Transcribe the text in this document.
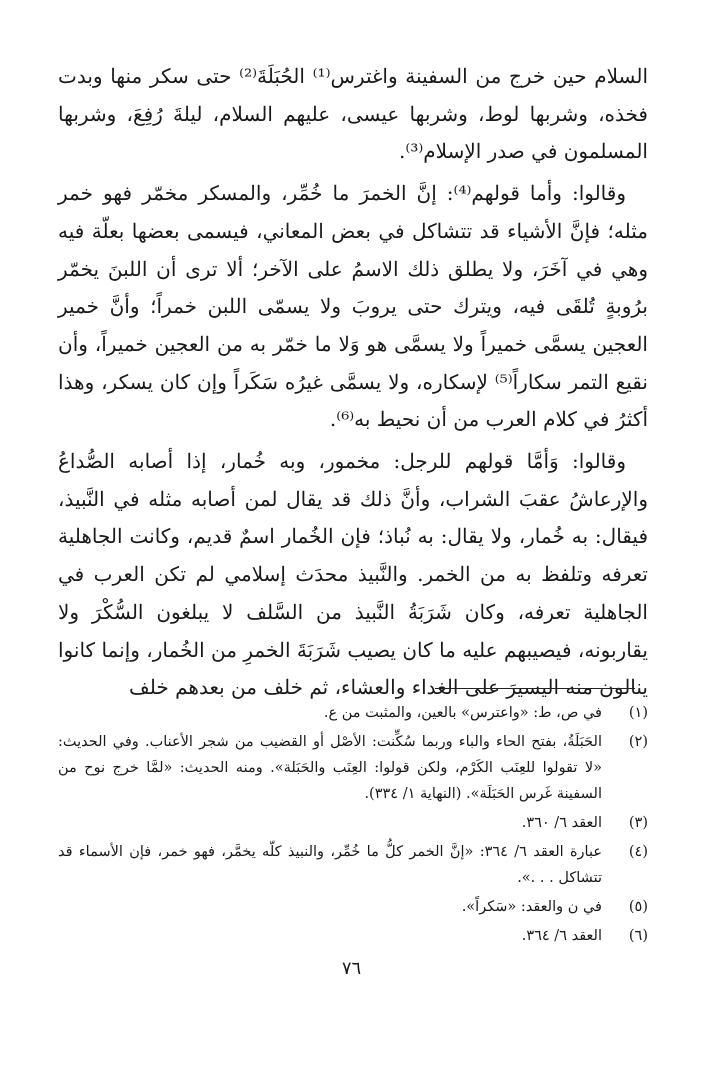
السلام حين خرج من السفينة واغترس⁽¹⁾ الحُبَلَةَ⁽²⁾ حتى سكر منها وبدت فخذه، وشربها لوط، وشربها عيسى، عليهم السلام، ليلةَ رُفِعَ، وشربها المسلمون في صدر الإسلام⁽³⁾.

وقالوا: وأما قولهم⁽⁴⁾: إنَّ الخمرَ ما خُمِّر، والمسكر مخمّر فهو خمر مثله؛ فإنَّ الأشياء قد تتشاكل في بعض المعاني، فيسمى بعضها بعلّة فيه وهي في آخَرَ، ولا يطلق ذلك الاسمُ على الآخر؛ ألا ترى أن اللبنَ يخمّر برُوبةٍ تُلقَى فيه، ويترك حتى يروبَ ولا يسمّى اللبن خمراً؛ وأنَّ خمير العجين يسمَّى خميراً ولا يسمَّى هو وَلا ما خمّر به من العجين خميراً، وأن نقيع التمر سكاراً⁽⁵⁾ لإسكاره، ولا يسمَّى غيرُه سَكَراً وإن كان يسكر، وهذا أكثرُ في كلام العرب من أن نحيط به⁽⁶⁾.

وقالوا: وَأمَّا قولهم للرجل: مخمور، وبه خُمار، إذا أصابه الصُّداعُ والإرعاشُ عقبَ الشراب، وأنَّ ذلك قد يقال لمن أصابه مثله في النَّبيذ، فيقال: به خُمار، ولا يقال: به نُباذ؛ فإن الخُمار اسمٌ قديم، وكانت الجاهلية تعرفه وتلفظ به من الخمر. والنَّبيذ محدَث إسلامي لم تكن العرب في الجاهلية تعرفه، وكان شَرَبَةُ النَّبيذ من السَّلف لا يبلغون السُّكْرَ ولا يقاربونه، فيصيبهم عليه ما كان يصيب شَرَبَةَ الخمرِ من الخُمار، وإنما كانوا ينالون منه اليسيرَ على الغداء والعشاء، ثم خلف من بعدهم خلف

(١)
في ص، ط: «واعترس» بالعين، والمثبت من ع.
(٢)
الحَبَلَةُ، بفتح الحاء والباء وربما سُكِّنت: الأصْل أو القضيب من شجر الأعناب. وفي الحديث: «لا تقولوا للعِنَب الكَرْم، ولكن قولوا: العِنَب والحَبَلة». ومنه الحديث: «لمَّا خرج نوح من السفينة غَرس الحَبَلَة». (النهاية ١/ ٣٣٤).
(٣)
العقد ٦/ ٣٦٠.
(٤)
عبارة العقد ٦/ ٣٦٤: «إنَّ الخمر كلُّ ما خُمِّر، والنبيذ كلّه يخمَّر، فهو خمر، فإن الأسماء قد تتشاكل . . .».
(٥)
في ن والعقد: «سَكراً».
(٦)
العقد ٦/ ٣٦٤.
٧٦
